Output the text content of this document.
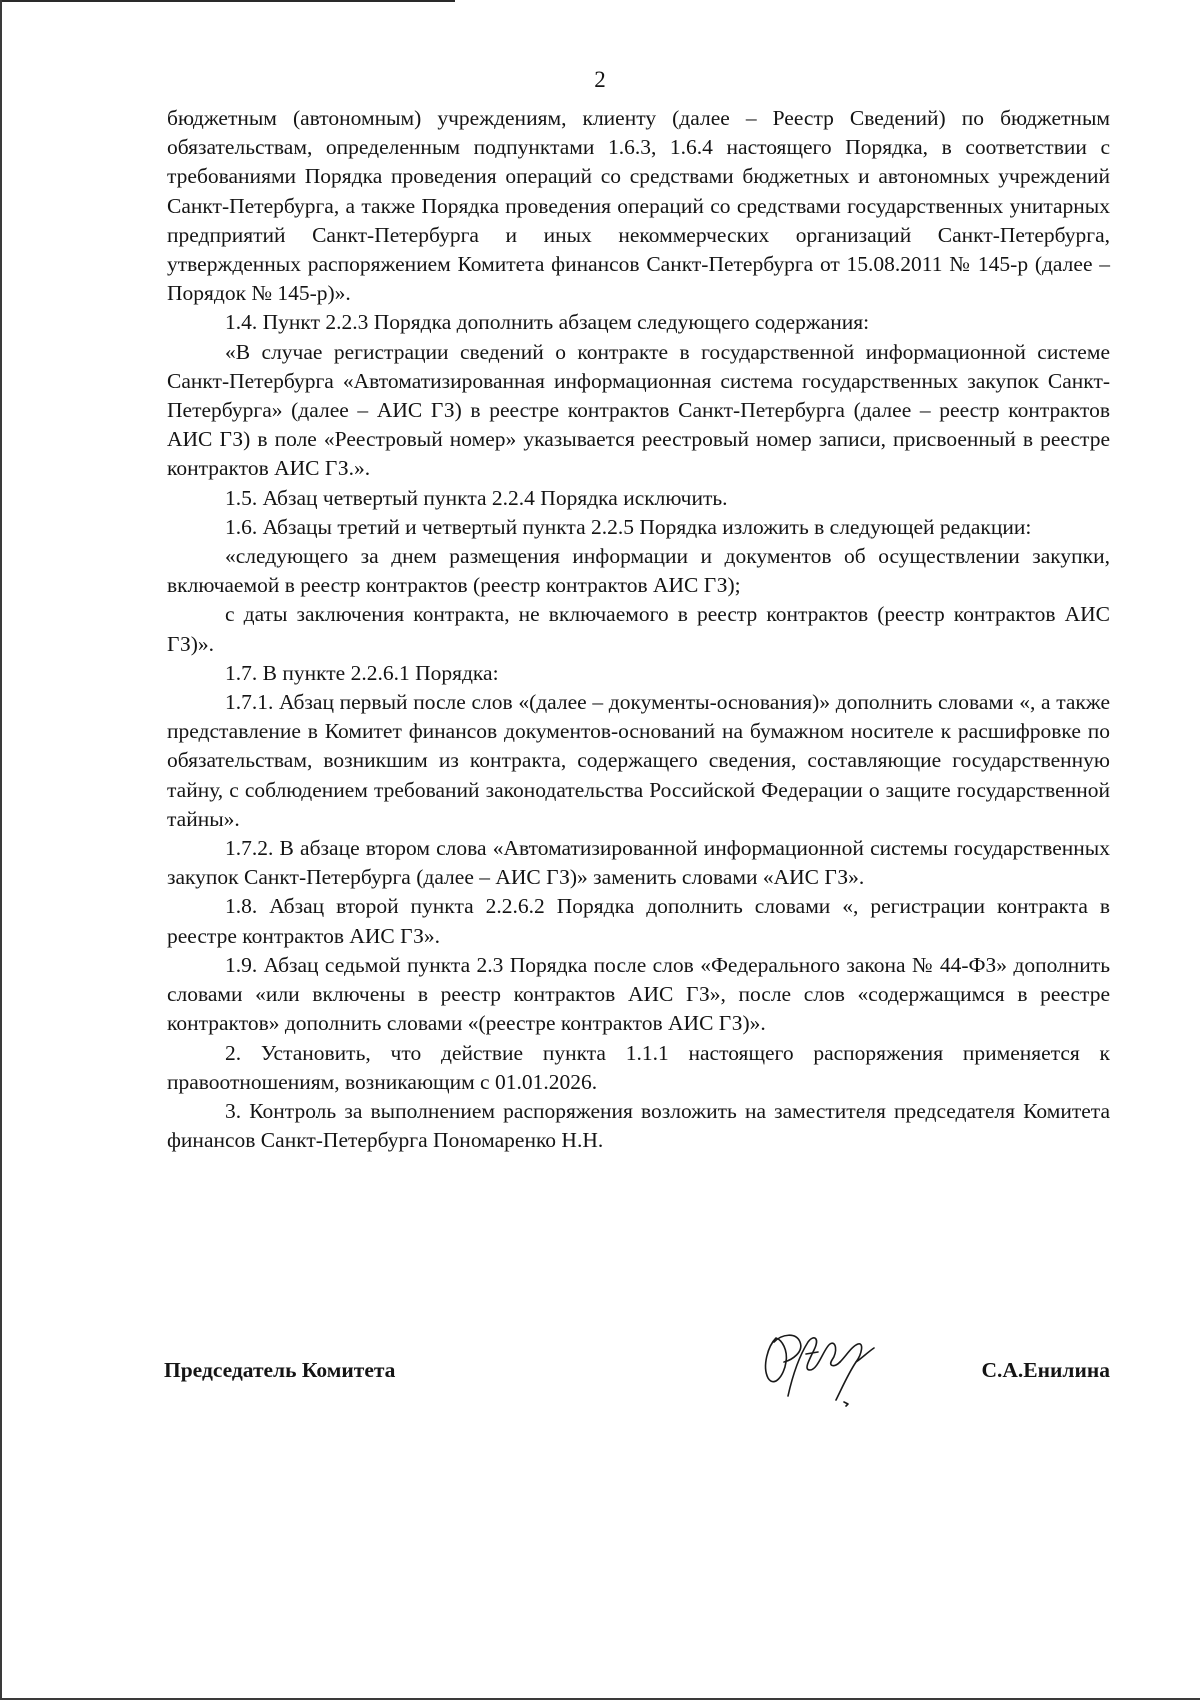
2

бюджетным (автономным) учреждениям, клиенту (далее – Реестр Сведений) по бюджетным обязательствам, определенным подпунктами 1.6.3, 1.6.4 настоящего Порядка, в соответствии с требованиями Порядка проведения операций со средствами бюджетных и автономных учреждений Санкт-Петербурга, а также Порядка проведения операций со средствами государственных унитарных предприятий Санкт-Петербурга и иных некоммерческих организаций Санкт-Петербурга, утвержденных распоряжением Комитета финансов Санкт-Петербурга от 15.08.2011 № 145-р (далее – Порядок № 145-р)».

1.4. Пункт 2.2.3 Порядка дополнить абзацем следующего содержания:

«В случае регистрации сведений о контракте в государственной информационной системе Санкт-Петербурга «Автоматизированная информационная система государственных закупок Санкт-Петербурга» (далее – АИС ГЗ) в реестре контрактов Санкт-Петербурга (далее – реестр контрактов АИС ГЗ) в поле «Реестровый номер» указывается реестровый номер записи, присвоенный в реестре контрактов АИС ГЗ.».

1.5. Абзац четвертый пункта 2.2.4 Порядка исключить.

1.6. Абзацы третий и четвертый пункта 2.2.5 Порядка изложить в следующей редакции:

«следующего за днем размещения информации и документов об осуществлении закупки, включаемой в реестр контрактов (реестр контрактов АИС ГЗ);

с даты заключения контракта, не включаемого в реестр контрактов (реестр контрактов АИС ГЗ)».

1.7. В пункте 2.2.6.1 Порядка:

1.7.1. Абзац первый после слов «(далее – документы-основания)» дополнить словами «, а также представление в Комитет финансов документов-оснований на бумажном носителе к расшифровке по обязательствам, возникшим из контракта, содержащего сведения, составляющие государственную тайну, с соблюдением требований законодательства Российской Федерации о защите государственной тайны».

1.7.2. В абзаце втором слова «Автоматизированной информационной системы государственных закупок Санкт-Петербурга (далее – АИС ГЗ)» заменить словами «АИС ГЗ».

1.8. Абзац второй пункта 2.2.6.2 Порядка дополнить словами «, регистрации контракта в реестре контрактов АИС ГЗ».

1.9. Абзац седьмой пункта 2.3 Порядка после слов «Федерального закона № 44-ФЗ» дополнить словами «или включены в реестр контрактов АИС ГЗ», после слов «содержащимся в реестре контрактов» дополнить словами «(реестре контрактов АИС ГЗ)».

2. Установить, что действие пункта 1.1.1 настоящего распоряжения применяется к правоотношениям, возникающим с 01.01.2026.

3. Контроль за выполнением распоряжения возложить на заместителя председателя Комитета финансов Санкт-Петербурга Пономаренко Н.Н.

Председатель Комитета	С.А.Енилина
